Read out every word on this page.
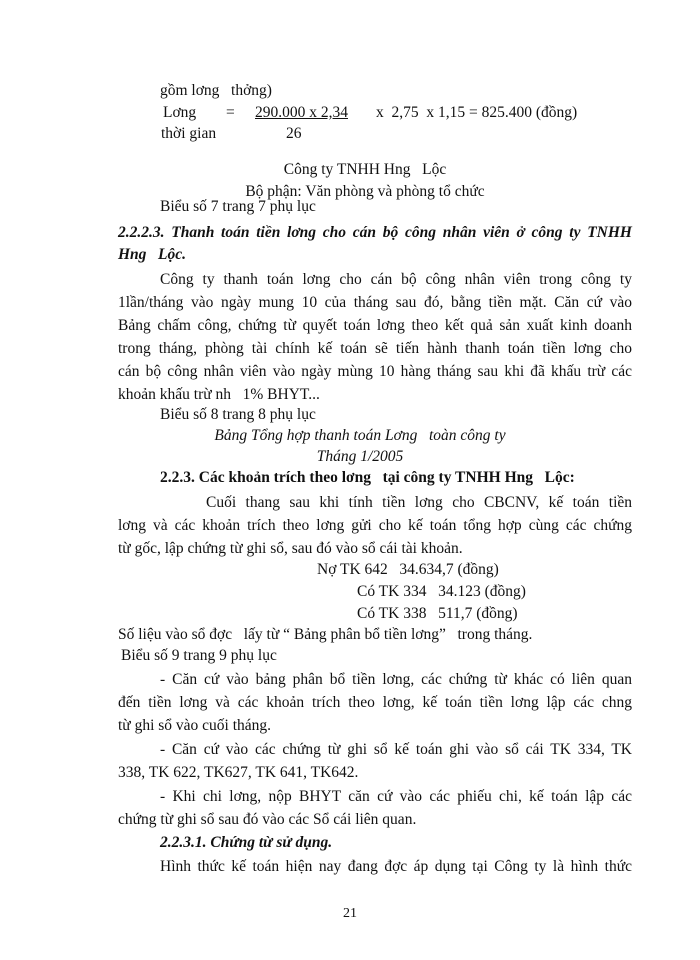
gồm lơng   thởng)
Lơng = 290.000 x 2,34 x  2,75  x 1,15 = 825.400 (đồng)
thời gian	26
Công ty TNHH Hng   Lộc
Bộ phận: Văn phòng và phòng tổ chức
Biểu số 7 trang 7 phụ lục
2.2.2.3. Thanh toán tiền lơng cho cán bộ công nhân viên ở công ty TNHH
Hng   Lộc.
Công ty thanh toán lơng cho cán bộ công nhân viên trong công ty
1lần/tháng vào ngày mung 10 của tháng sau đó, bằng tiền mặt. Căn cứ vào
Bảng chấm công, chứng từ quyết toán lơng theo kết quả sản xuất kinh doanh
trong tháng, phòng tài chính kế toán sẽ tiến hành thanh toán tiền lơng cho
cán bộ công nhân viên vào ngày mùng 10 hàng tháng sau khi đã khấu trừ các
khoản khấu trừ nh   1% BHYT...
Biểu số 8 trang 8 phụ lục
Bảng Tổng hợp thanh toán Lơng   toàn công ty
Tháng 1/2005
2.2.3. Các khoản trích theo lơng   tại công ty TNHH Hng   Lộc:
Cuối thang sau khi tính tiền lơng cho CBCNV, kế toán tiền
lơng và các khoản trích theo lơng gửi cho kế toán tổng hợp cùng các chứng
từ gốc, lập chứng từ ghi sổ, sau đó vào sổ cái tài khoản.
Nợ TK 642   34.634,7 (đồng)
Có TK 334   34.123 (đồng)
Có TK 338   511,7 (đồng)
Số liệu vào sổ đợc   lấy từ “ Bảng phân bổ tiền lơng”   trong tháng.
Biểu số 9 trang 9 phụ lục
- Căn cứ vào bảng phân bổ tiền lơng, các chứng từ khác có liên quan
đến tiền lơng và các khoản trích theo lơng, kế toán tiền lơng lập các chng
từ ghi sổ vào cuối tháng.
- Căn cứ vào các chứng từ ghi sổ kế toán ghi vào sổ cái TK 334, TK
338, TK 622, TK627, TK 641, TK642.
- Khi chi lơng, nộp BHYT căn cứ vào các phiếu chi, kế toán lập các
chứng từ ghi sổ sau đó vào các Sổ cái liên quan.
2.2.3.1. Chứng từ sử dụng.
Hình thức kế toán hiện nay đang đợc áp dụng tại Công ty là hình thức
21
